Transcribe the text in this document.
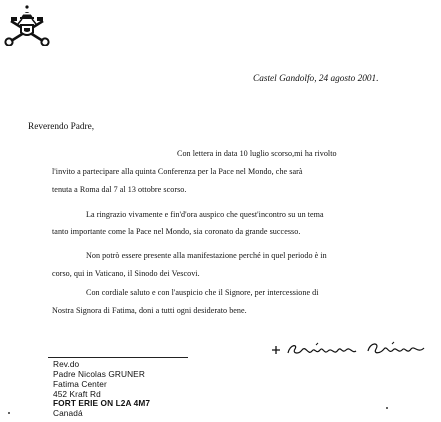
Castel Gandolfo, 24 agosto 2001.
Reverendo Padre,
Con lettera in data 10 luglio scorso,mi ha rivolto
l'invito a partecipare alla quinta Conferenza per la Pace nel Mondo, che sarà
tenuta a Roma dal 7 al 13 ottobre scorso.
La ringrazio vivamente e fin'd'ora auspico che quest'incontro su un tema
tanto importante come la Pace nel Mondo, sia coronato da grande successo.
Non potrò essere presente alla manifestazione perché in quel periodo è in
corso, qui in Vaticano, il Sinodo dei Vescovi.
Con cordiale saluto e con l'auspicio che il Signore, per intercessione di
Nostra Signora di Fatima, doni a tutti ogni desiderato bene.
Rev.do
Padre Nicolas GRUNER
Fatima Center
452 Kraft Rd
FORT ERIE ON L2A 4M7
Canadá
